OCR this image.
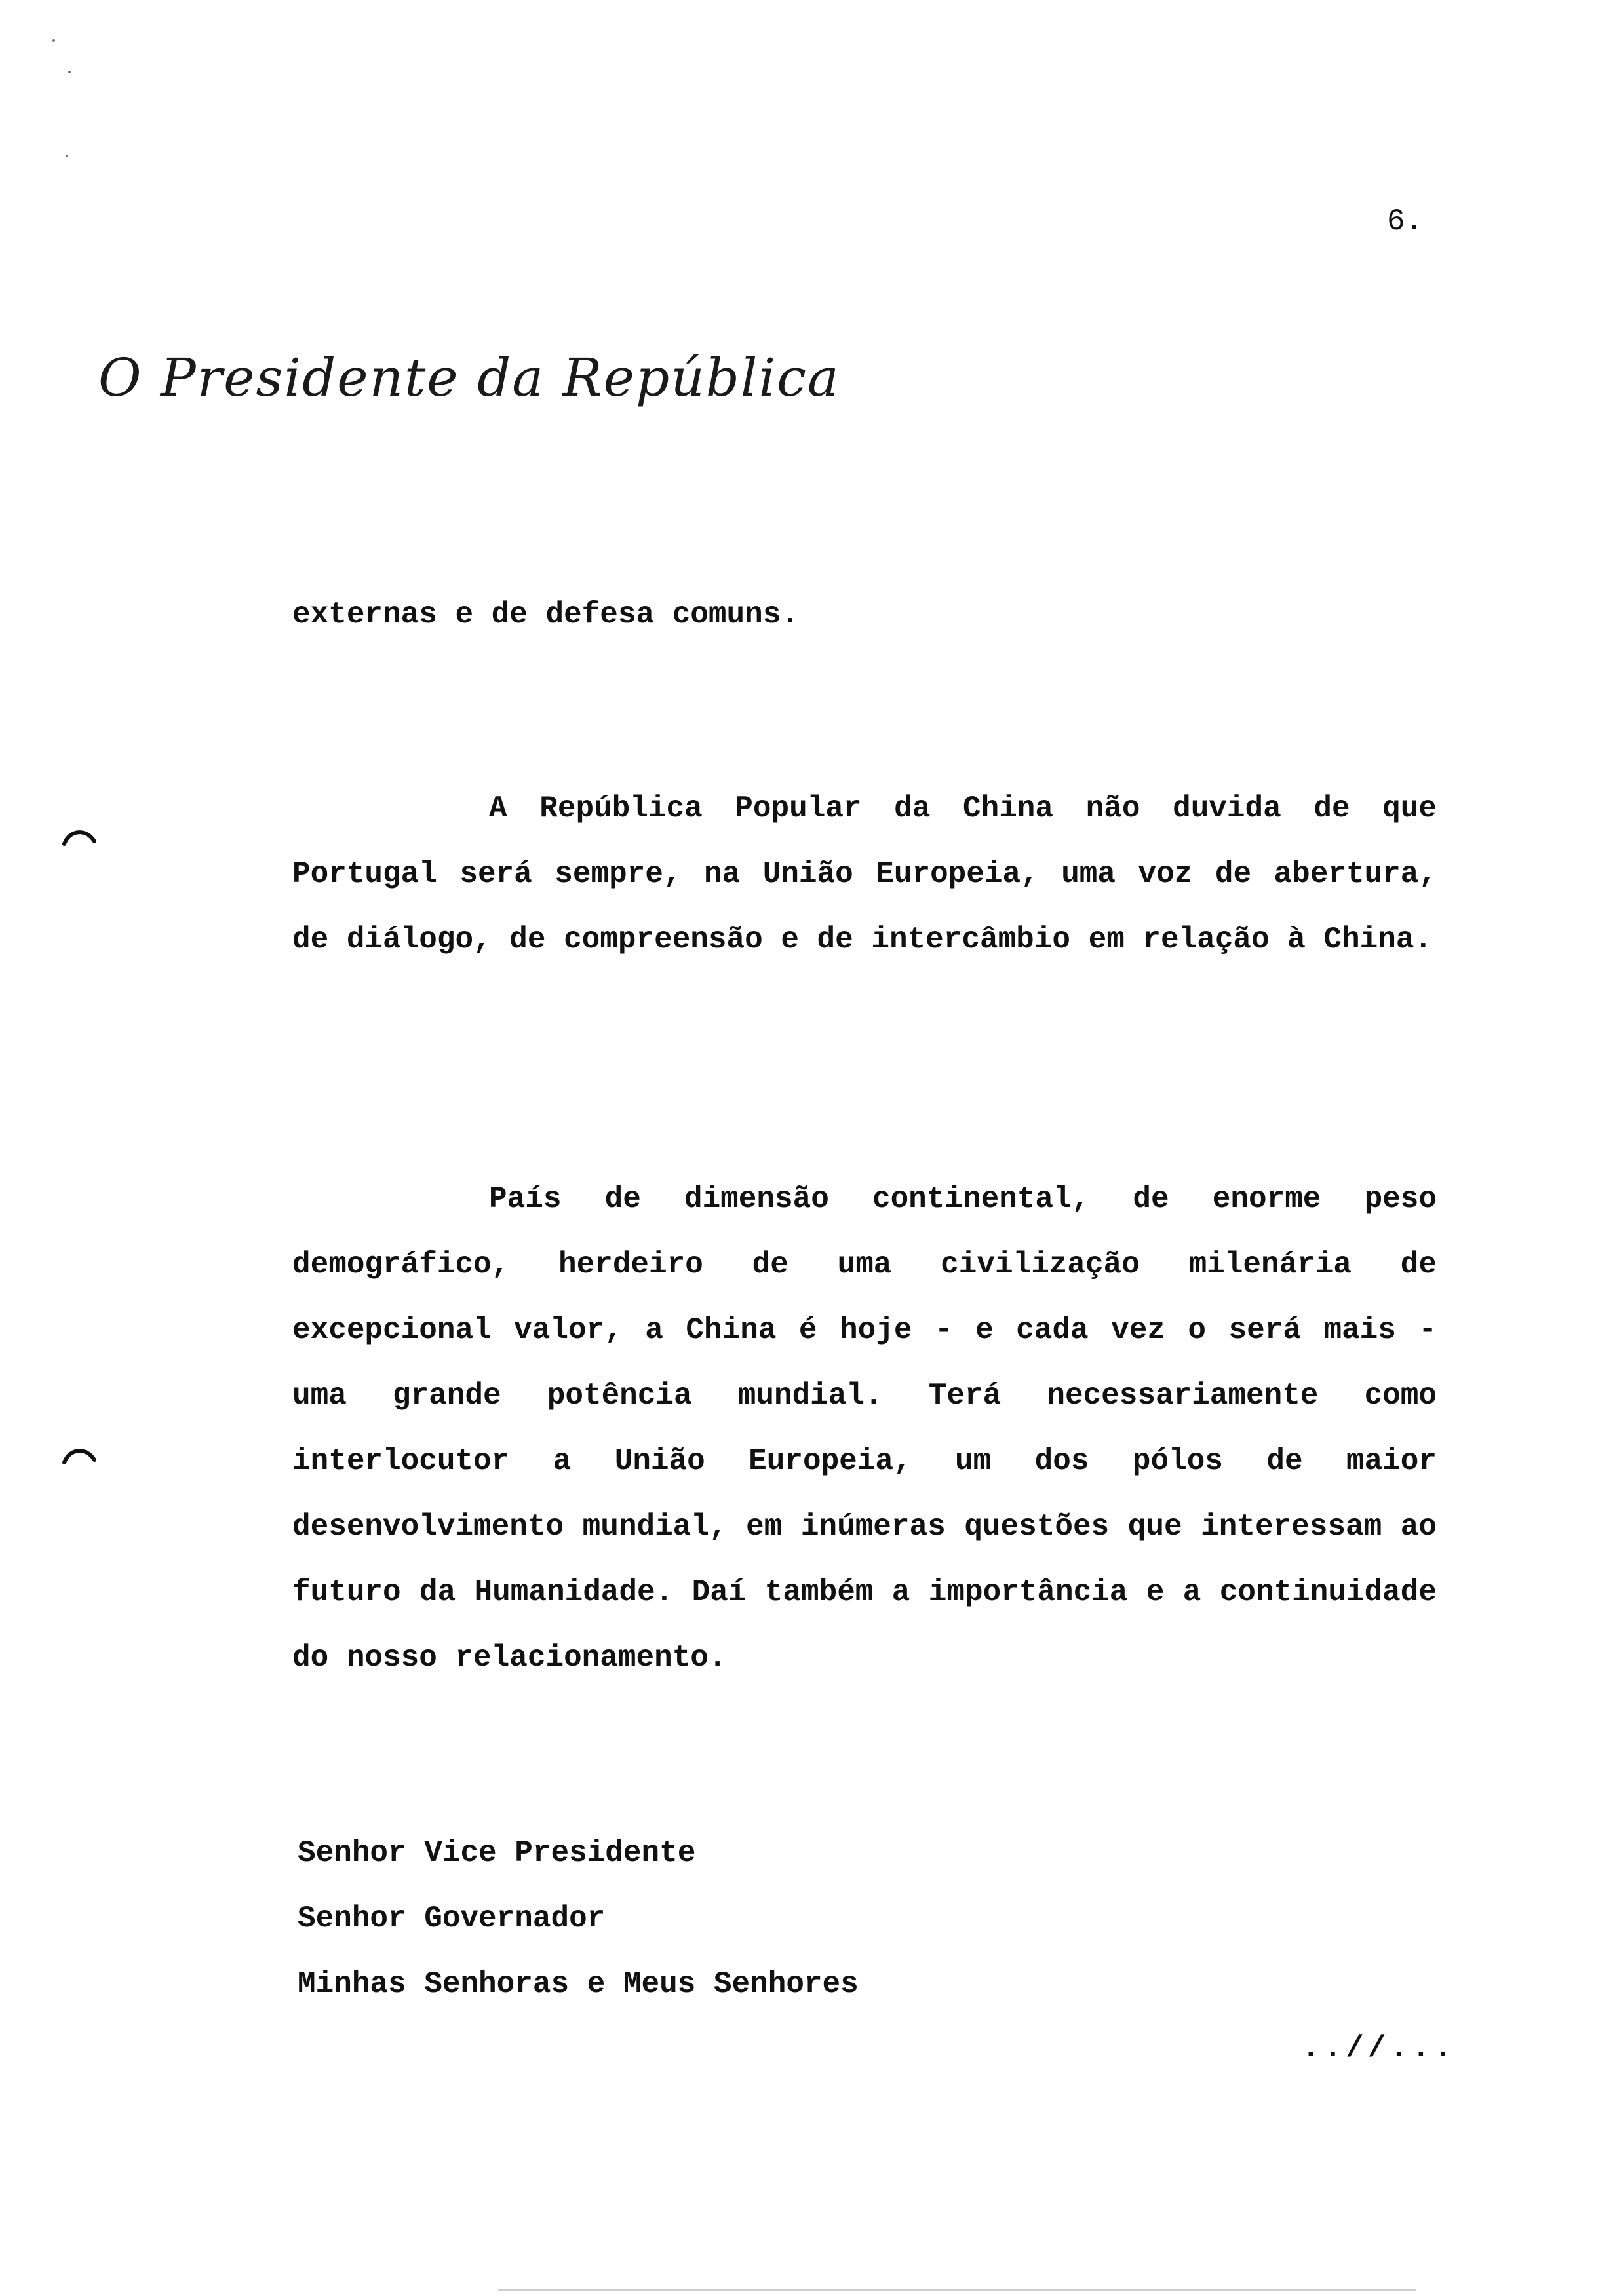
6.
O Presidente da República

externas e de defesa comuns.

A República Popular da China não duvida de que Portugal será sempre, na União Europeia, uma voz de abertura, de diálogo, de compreensão e de intercâmbio em relação à China.

País de dimensão continental, de enorme peso demográfico, herdeiro de uma civilização milenária de excepcional valor, a China é hoje - e cada vez o será mais - uma grande potência mundial. Terá necessariamente como interlocutor a União Europeia, um dos pólos de maior desenvolvimento mundial, em inúmeras questões que interessam ao futuro da Humanidade. Daí também a importância e a continuidade do nosso relacionamento.

Senhor Vice Presidente
Senhor Governador
Minhas Senhoras e Meus Senhores
..//...
